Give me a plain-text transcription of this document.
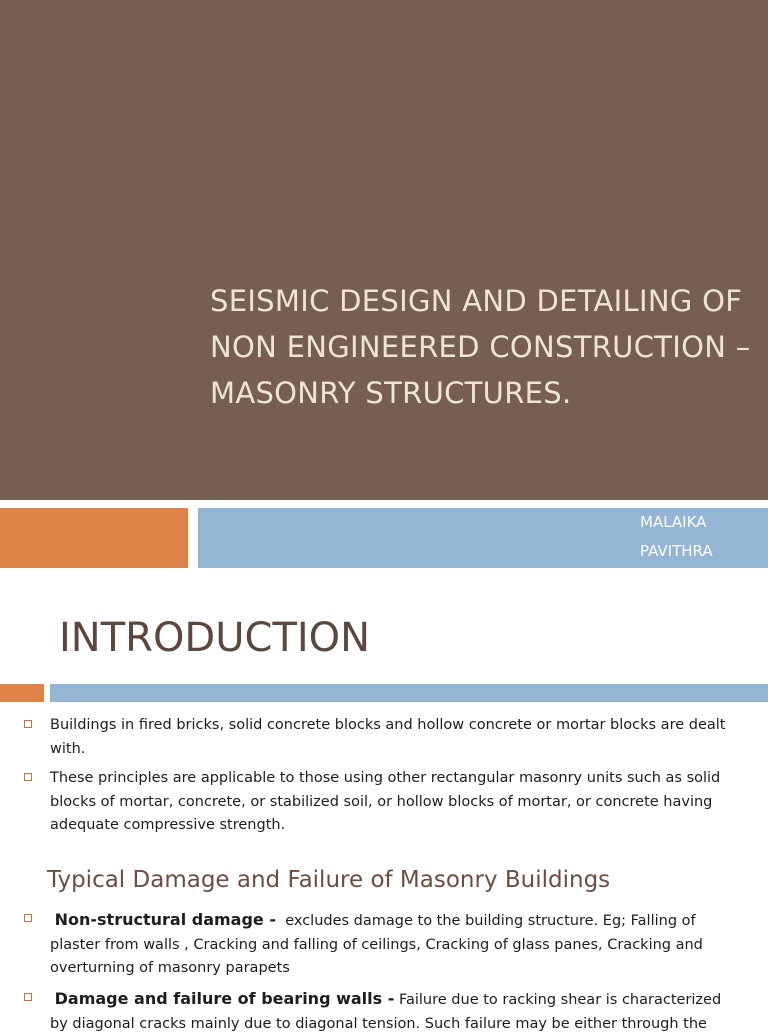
SEISMIC DESIGN AND DETAILING OF NON ENGINEERED CONSTRUCTION – MASONRY STRUCTURES.
MALAIKA
PAVITHRA
INTRODUCTION
Buildings in fired bricks, solid concrete blocks and hollow concrete or mortar blocks are dealt with.
These principles are applicable to those using other rectangular masonry units such as solid blocks of mortar, concrete, or stabilized soil, or hollow blocks of mortar, or concrete having adequate compressive strength.
Typical Damage and Failure of Masonry Buildings
Non-structural damage - excludes damage to the building structure. Eg; Falling of plaster from walls , Cracking and falling of ceilings, Cracking of glass panes, Cracking and overturning of masonry parapets
Damage and failure of bearing walls - Failure due to racking shear is characterized by diagonal cracks mainly due to diagonal tension. Such failure may be either through the
